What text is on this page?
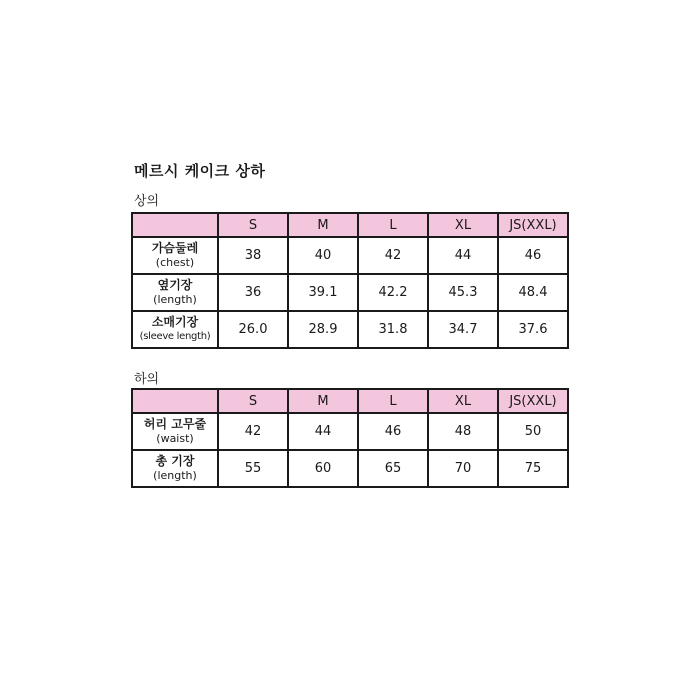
메르시 케이크 상하
상의
	S	M	L	XL	JS(XXL)

가슴둘레
(chest)	38	40	42	44	46

옆기장
(length)	36	39.1	42.2	45.3	48.4

소매기장
(sleeve length)	26.0	28.9	31.8	34.7	37.6
하의
	S	M	L	XL	JS(XXL)

허리 고무줄
(waist)	42	44	46	48	50

총 기장
(length)	55	60	65	70	75
